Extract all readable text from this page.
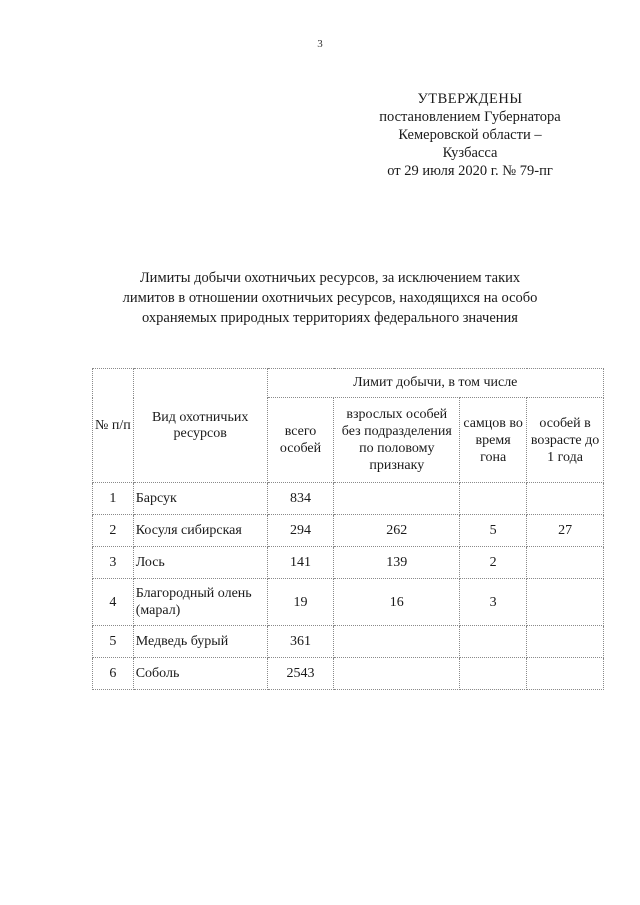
3
УТВЕРЖДЕНЫ
постановлением Губернатора
Кемеровской области –
Кузбасса
от 29 июля 2020 г. № 79-пг
Лимиты добычи охотничьих ресурсов, за исключением таких
лимитов в отношении охотничьих ресурсов, находящихся на особо
охраняемых природных территориях федерального значения
№ п/п	Вид охотничьих ресурсов	Лимит добычи, в том числе			
		всего особей	взрослых особей без подразделения по половому признаку	самцов во время гона	особей в возрасте до 1 года
1	Барсук	834			
2	Косуля сибирская	294	262	5	27
3	Лось	141	139	2	
4	Благородный олень (марал)	19	16	3	
5	Медведь бурый	361			
6	Соболь	2543			
